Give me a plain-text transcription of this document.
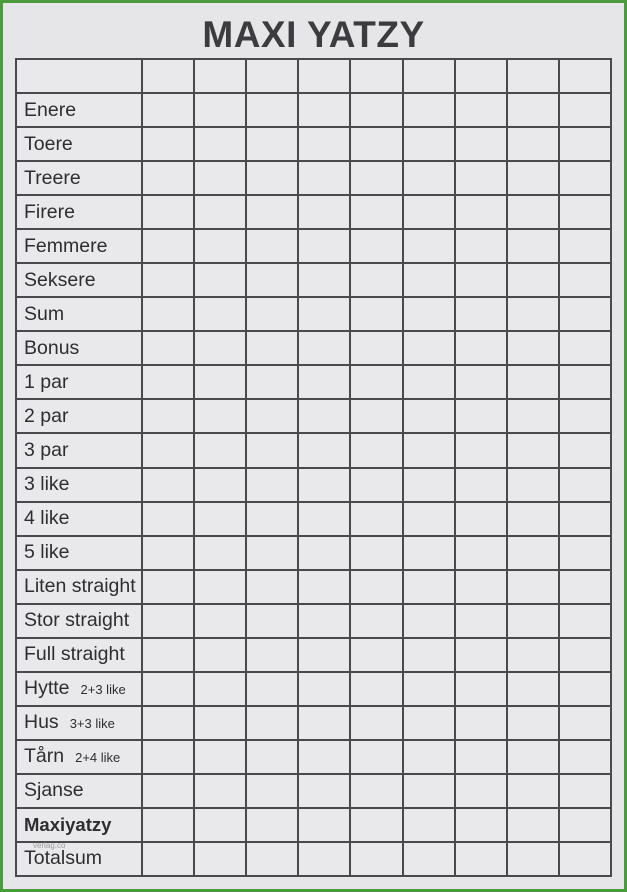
MAXI YATZY
Enere
Toere
Treere
Firere
Femmere
Seksere
Sum
Bonus
1 par
2 par
3 par
3 like
4 like
5 like
Liten straight
Stor straight
Full straight
Hytte 2+3 like
Hus 3+3 like
Tårn 2+4 like
Sjanse
Maxiyatzy
Totalsum
verlag.co
